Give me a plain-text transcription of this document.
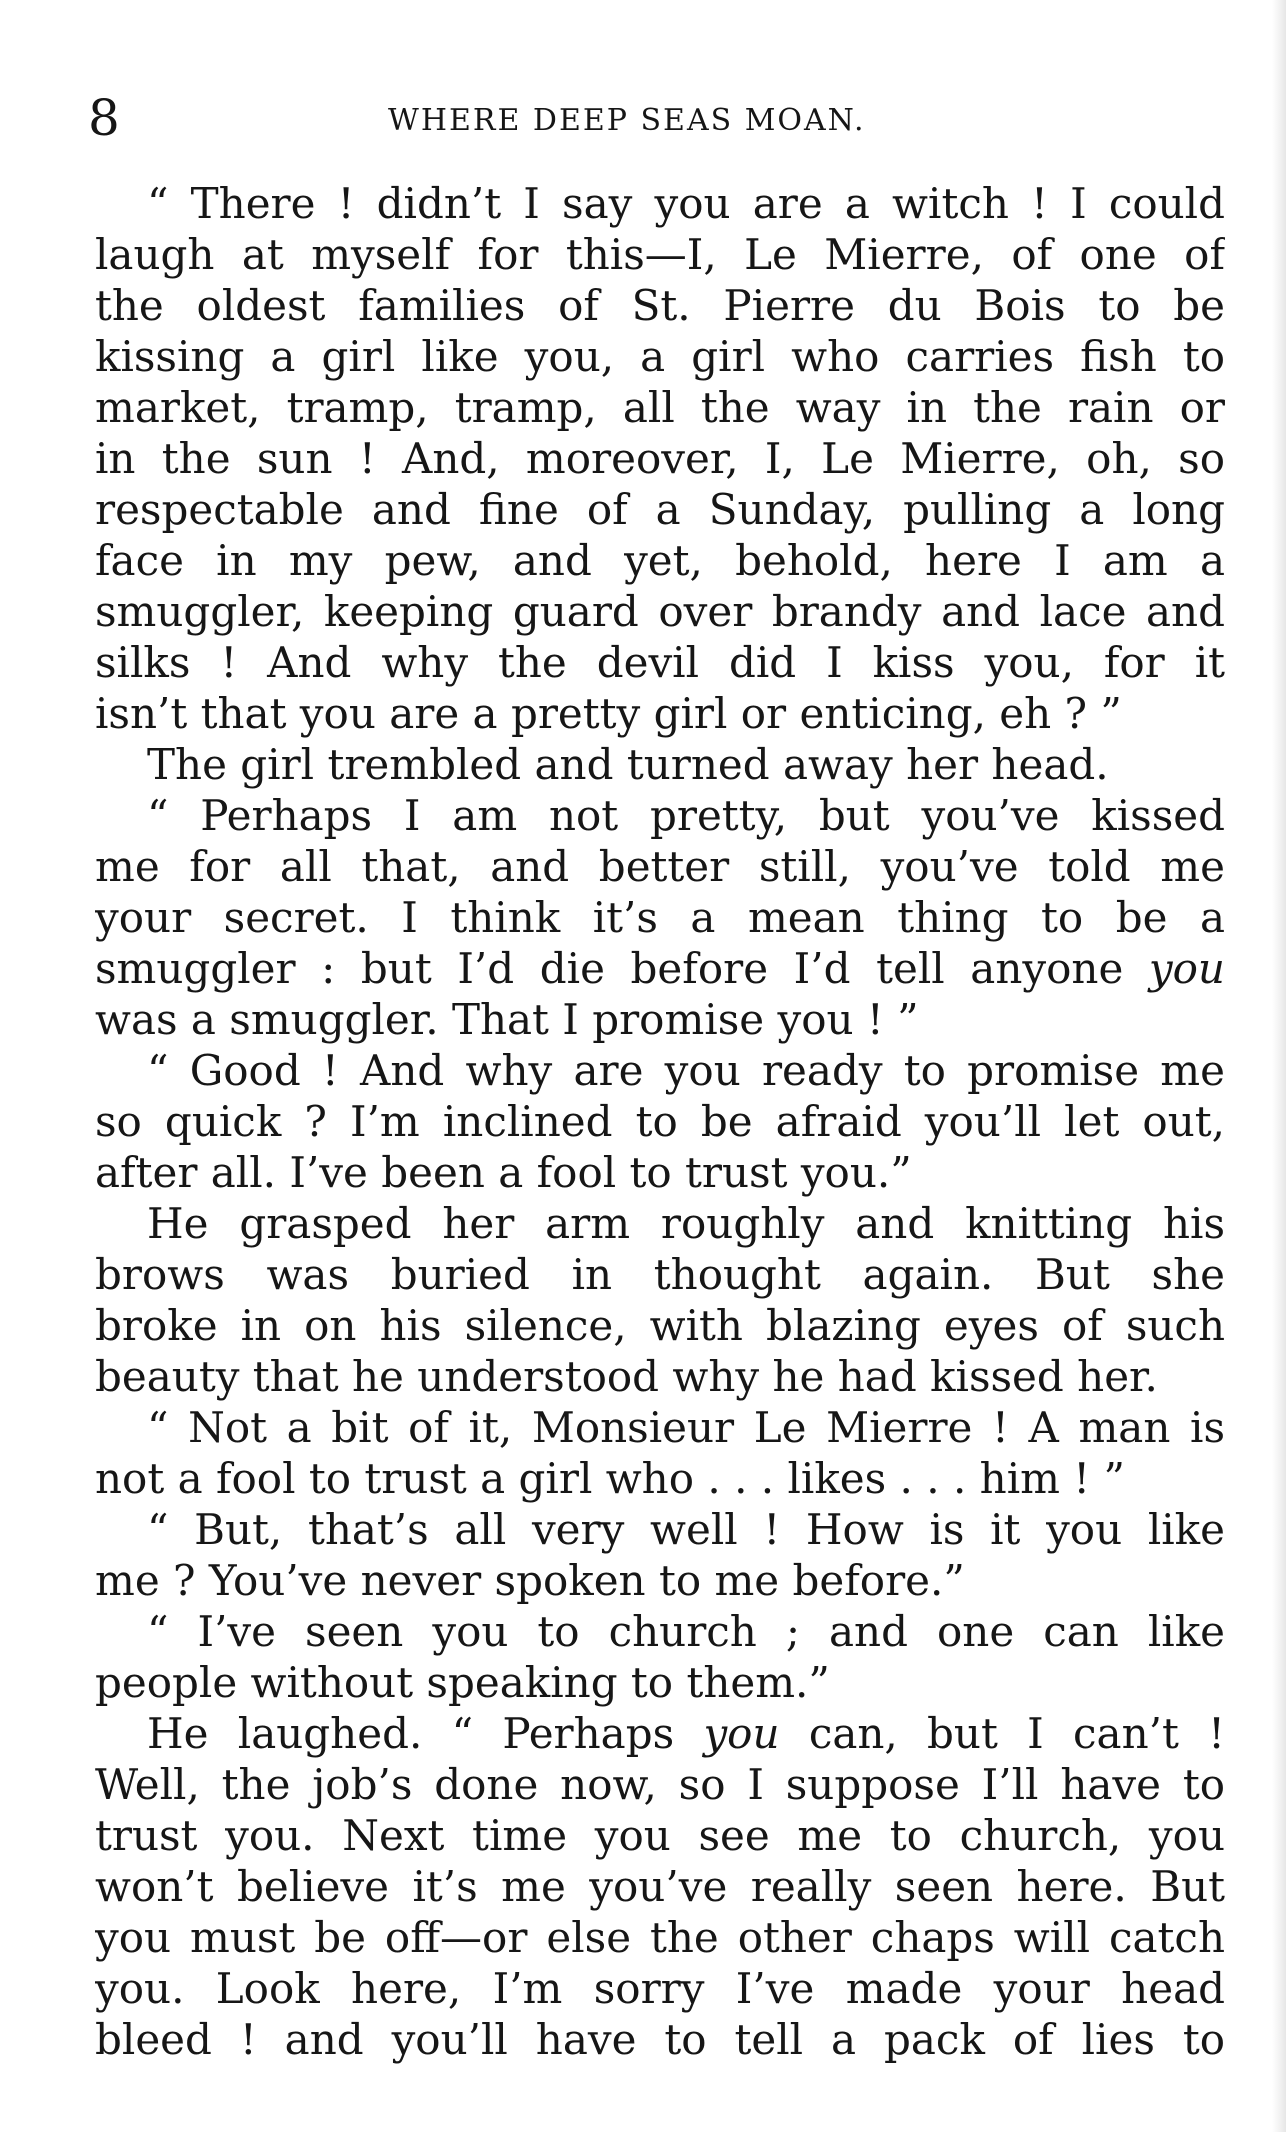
8	WHERE DEEP SEAS MOAN.
“ There ! didn’t I say you are a witch ! I could
laugh at myself for this—I, Le Mierre, of one of
the oldest families of St. Pierre du Bois to be
kissing a girl like you, a girl who carries fish to
market, tramp, tramp, all the way in the rain or
in the sun ! And, moreover, I, Le Mierre, oh, so
respectable and fine of a Sunday, pulling a long
face in my pew, and yet, behold, here I am a
smuggler, keeping guard over brandy and lace and
silks ! And why the devil did I kiss you, for it
isn’t that you are a pretty girl or enticing, eh ? ”
The girl trembled and turned away her head.
“ Perhaps I am not pretty, but you’ve kissed
me for all that, and better still, you’ve told me
your secret. I think it’s a mean thing to be a
smuggler : but I’d die before I’d tell anyone you
was a smuggler. That I promise you ! ”
“ Good ! And why are you ready to promise me
so quick ? I’m inclined to be afraid you’ll let out,
after all. I’ve been a fool to trust you.”
He grasped her arm roughly and knitting his
brows was buried in thought again. But she
broke in on his silence, with blazing eyes of such
beauty that he understood why he had kissed her.
“ Not a bit of it, Monsieur Le Mierre ! A man is
not a fool to trust a girl who . . . likes . . . him ! ”
“ But, that’s all very well ! How is it you like
me ? You’ve never spoken to me before.”
“ I’ve seen you to church ; and one can like
people without speaking to them.”
He laughed. “ Perhaps you can, but I can’t !
Well, the job’s done now, so I suppose I’ll have to
trust you. Next time you see me to church, you
won’t believe it’s me you’ve really seen here. But
you must be off—or else the other chaps will catch
you. Look here, I’m sorry I’ve made your head
bleed ! and you’ll have to tell a pack of lies to
